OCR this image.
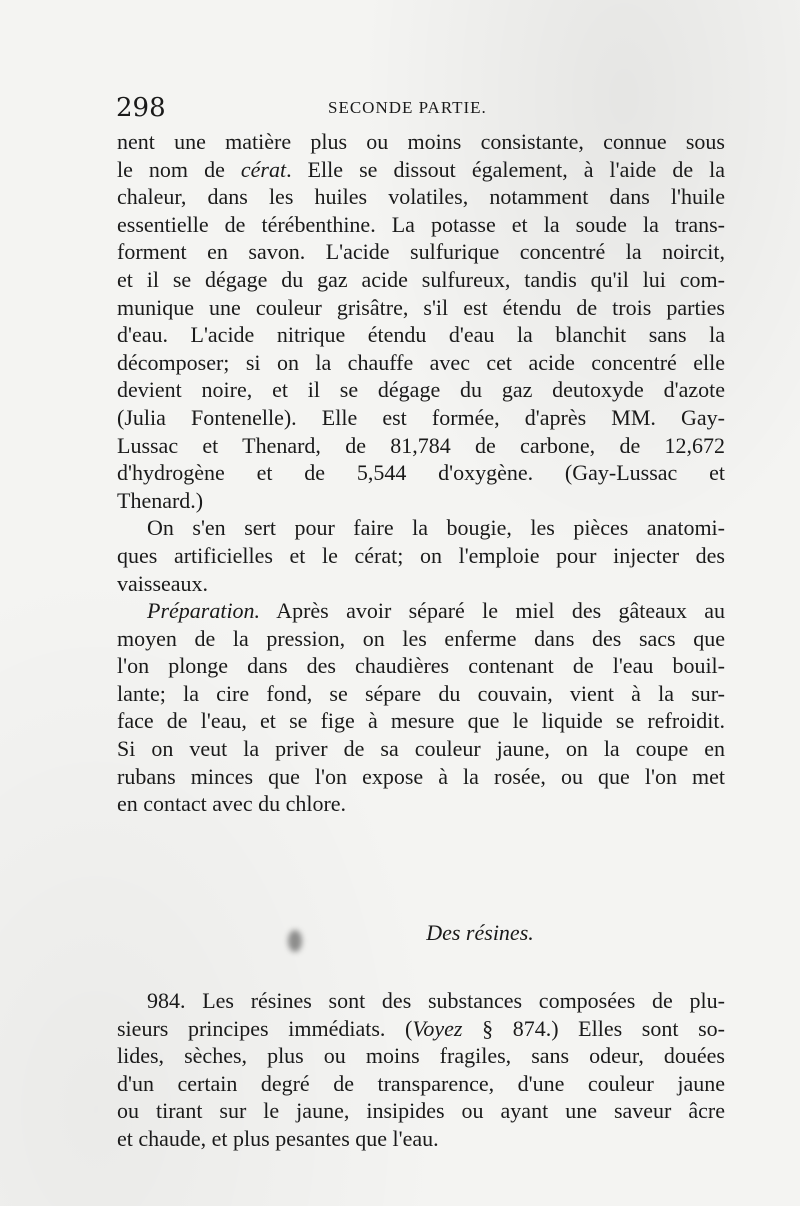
298	SECONDE PARTIE.
nent une matière plus ou moins consistante, connue sous
le nom de cérat. Elle se dissout également, à l'aide de la
chaleur, dans les huiles volatiles, notamment dans l'huile
essentielle de térébenthine. La potasse et la soude la trans-
forment en savon. L'acide sulfurique concentré la noircit,
et il se dégage du gaz acide sulfureux, tandis qu'il lui com-
munique une couleur grisâtre, s'il est étendu de trois parties
d'eau. L'acide nitrique étendu d'eau la blanchit sans la
décomposer; si on la chauffe avec cet acide concentré elle
devient noire, et il se dégage du gaz deutoxyde d'azote
(Julia Fontenelle). Elle est formée, d'après MM. Gay-
Lussac et Thenard, de 81,784 de carbone, de 12,672
d'hydrogène et de 5,544 d'oxygène. (Gay-Lussac et
Thenard.)
On s'en sert pour faire la bougie, les pièces anatomi-
ques artificielles et le cérat; on l'emploie pour injecter des
vaisseaux.
Préparation. Après avoir séparé le miel des gâteaux au
moyen de la pression, on les enferme dans des sacs que
l'on plonge dans des chaudières contenant de l'eau bouil-
lante; la cire fond, se sépare du couvain, vient à la sur-
face de l'eau, et se fige à mesure que le liquide se refroidit.
Si on veut la priver de sa couleur jaune, on la coupe en
rubans minces que l'on expose à la rosée, ou que l'on met
en contact avec du chlore.
Des résines.
984. Les résines sont des substances composées de plu-
sieurs principes immédiats. (Voyez § 874.) Elles sont so-
lides, sèches, plus ou moins fragiles, sans odeur, douées
d'un certain degré de transparence, d'une couleur jaune
ou tirant sur le jaune, insipides ou ayant une saveur âcre
et chaude, et plus pesantes que l'eau.
